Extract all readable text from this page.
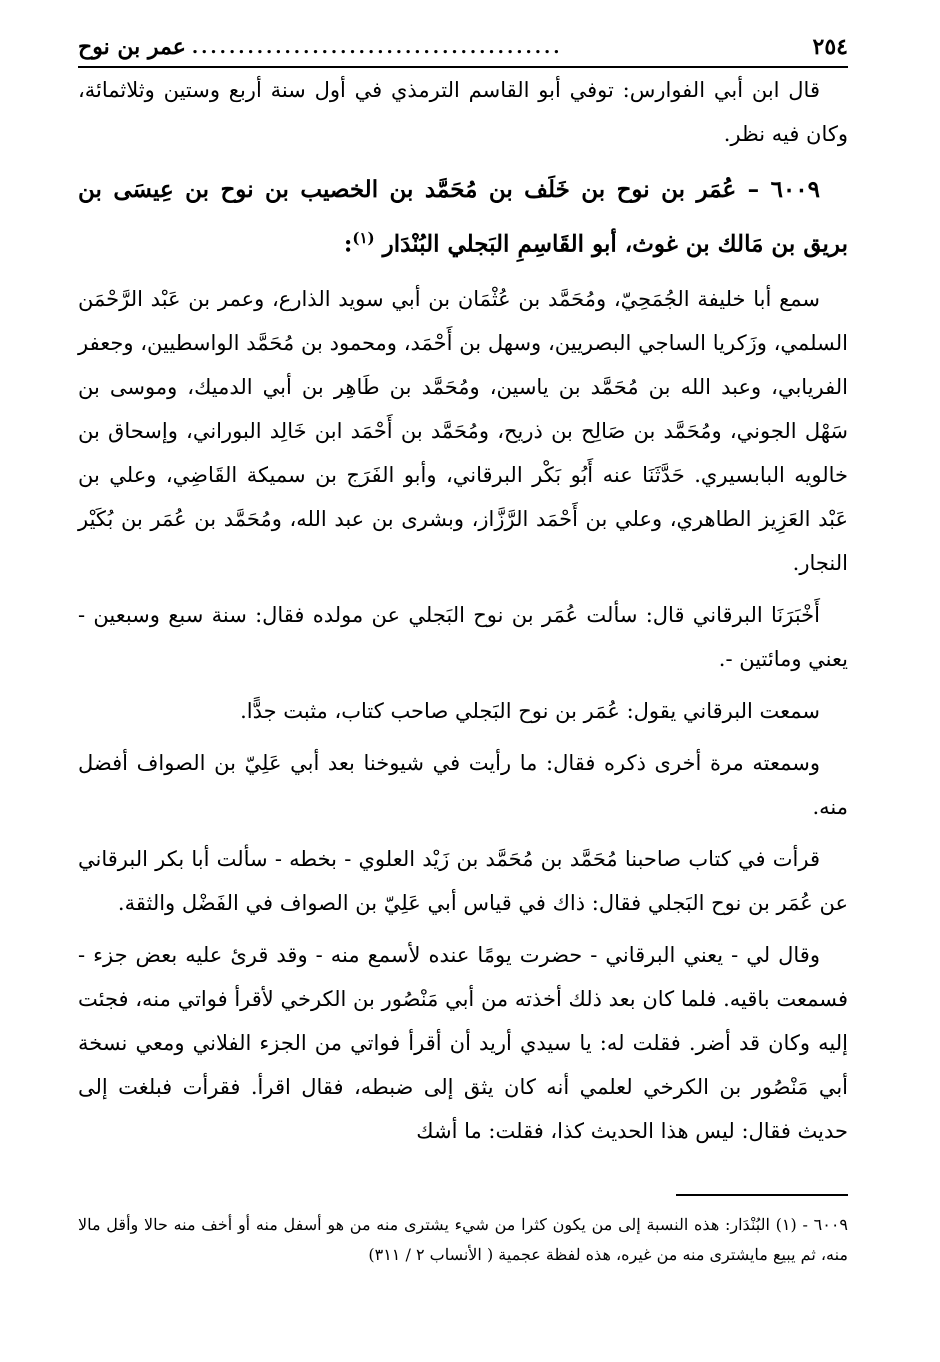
٢٥٤
........................................
عمر بن نوح

قال ابن أبي الفوارس: توفي أبو القاسم الترمذي في أول سنة أربع وستين وثلاثمائة، وكان فيه نظر.

٦٠٠٩ – عُمَر بن نوح بن خَلَف بن مُحَمَّد بن الخصيب بن نوح بن عِيسَى بن بريق بن مَالك بن غوث، أبو القَاسِمِ البَجلي البُنْدَار $^{(١)}$:

سمع أبا خليفة الجُمَحِيّ، ومُحَمَّد بن عُثْمَان بن أبي سويد الذارع، وعمر بن عَبْد الرَّحْمَن السلمي، وزَكريا الساجي البصريين، وسهل بن أَحْمَد، ومحمود بن مُحَمَّد الواسطيين، وجعفر الفريابي، وعبد الله بن مُحَمَّد بن ياسين، ومُحَمَّد بن طَاهِر بن أبي الدميك، وموسى بن سَهْل الجوني، ومُحَمَّد بن صَالِح بن ذريح، ومُحَمَّد بن أَحْمَد ابن خَالِد البوراني، وإسحاق بن خالويه البابسيري. حَدَّثَنَا عنه أَبُو بَكْر البرقاني، وأبو الفَرَج بن سميكة القَاضِي، وعلي بن عَبْد العَزِيز الطاهري، وعلي بن أَحْمَد الرَّزَّاز، وبشرى بن عبد الله، ومُحَمَّد بن عُمَر بن بُكَيْر النجار.

أَخْبَرَنَا البرقاني قال: سألت عُمَر بن نوح البَجلي عن مولده فقال: سنة سبع وسبعين - يعني ومائتين -.

سمعت البرقاني يقول: عُمَر بن نوح البَجلي صاحب كتاب، مثبت جدًّا.

وسمعته مرة أخرى ذكره فقال: ما رأيت في شيوخنا بعد أبي عَلِيّ بن الصواف أفضل منه.

قرأت في كتاب صاحبنا مُحَمَّد بن مُحَمَّد بن زَيْد العلوي - بخطه - سألت أبا بكر البرقاني عن عُمَر بن نوح البَجلي فقال: ذاك في قياس أبي عَلِيّ بن الصواف في الفَضْل والثقة.

وقال لي - يعني البرقاني - حضرت يومًا عنده لأسمع منه - وقد قرئ عليه بعض جزء - فسمعت باقيه. فلما كان بعد ذلك أخذته من أبي مَنْصُور بن الكرخي لأقرأ فواتي منه، فجئت إليه وكان قد أضر. فقلت له: يا سيدي أريد أن أقرأ فواتي من الجزء الفلاني ومعي نسخة أبي مَنْصُور بن الكرخي لعلمي أنه كان يثق إلى ضبطه، فقال اقرأ. فقرأت فبلغت إلى حديث فقال: ليس هذا الحديث كذا، فقلت: ما أشك

٦٠٠٩ - (١) البُنْدَار: هذه النسبة إلى من يكون كثرا من شيء يشترى منه من هو أسفل منه أو أخف منه حالا وأقل مالا منه، ثم يبيع مايشترى منه من غيره، هذه لفظة عجمية ( الأنساب ٢ / ٣١١)
